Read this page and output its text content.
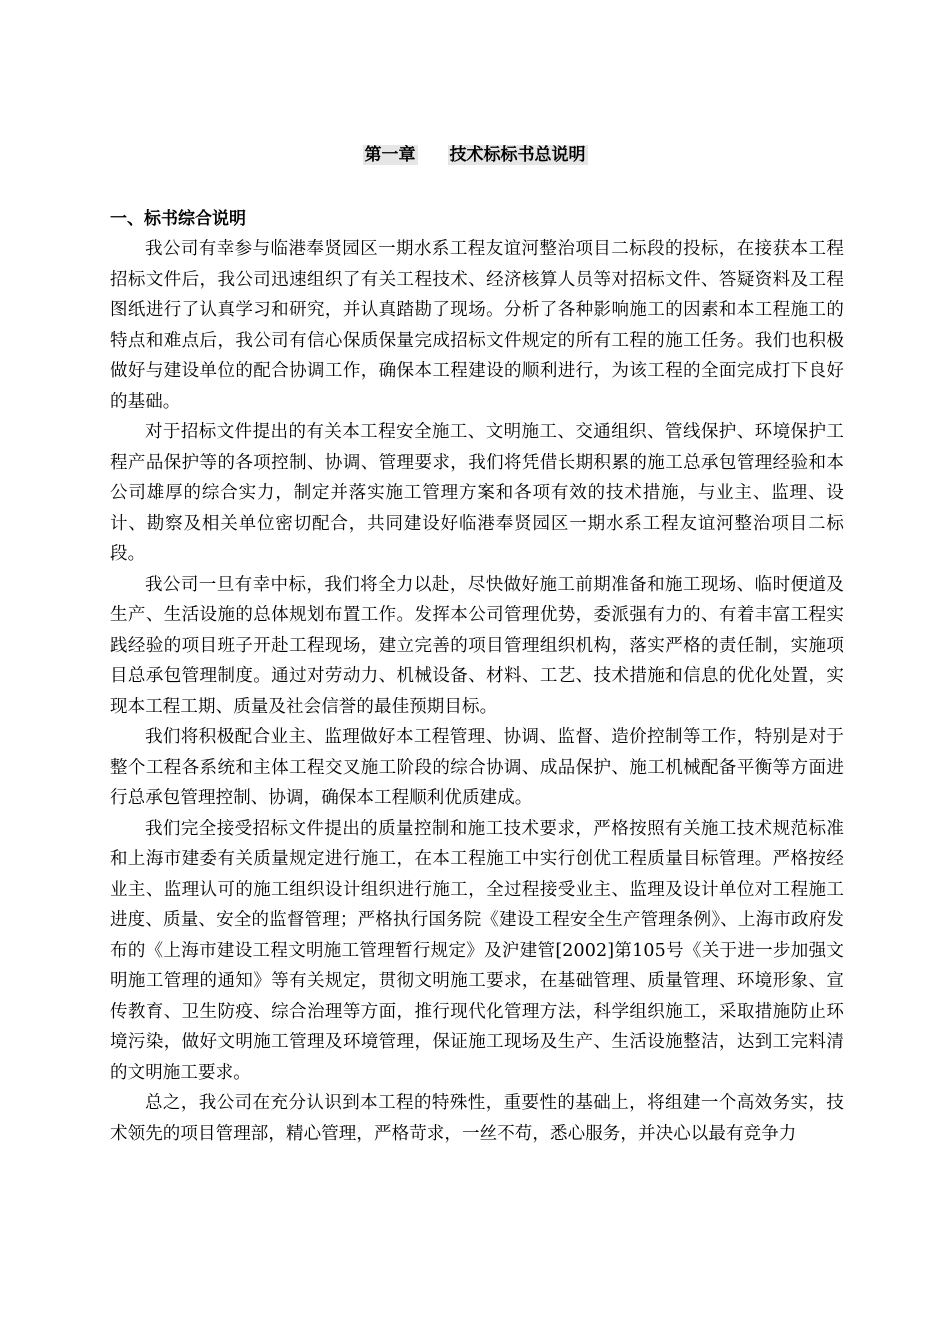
第一章 技术标标书总说明
一、标书综合说明

我公司有幸参与临港奉贤园区一期水系工程友谊河整治项目二标段的投标，在接获本工程招标文件后，我公司迅速组织了有关工程技术、经济核算人员等对招标文件、答疑资料及工程图纸进行了认真学习和研究，并认真踏勘了现场。分析了各种影响施工的因素和本工程施工的特点和难点后，我公司有信心保质保量完成招标文件规定的所有工程的施工任务。我们也积极做好与建设单位的配合协调工作，确保本工程建设的顺利进行，为该工程的全面完成打下良好的基础。

对于招标文件提出的有关本工程安全施工、文明施工、交通组织、管线保护、环境保护工程产品保护等的各项控制、协调、管理要求，我们将凭借长期积累的施工总承包管理经验和本公司雄厚的综合实力，制定并落实施工管理方案和各项有效的技术措施，与业主、监理、设计、勘察及相关单位密切配合，共同建设好临港奉贤园区一期水系工程友谊河整治项目二标段。

我公司一旦有幸中标，我们将全力以赴，尽快做好施工前期准备和施工现场、临时便道及生产、生活设施的总体规划布置工作。发挥本公司管理优势，委派强有力的、有着丰富工程实践经验的项目班子开赴工程现场，建立完善的项目管理组织机构，落实严格的责任制，实施项目总承包管理制度。通过对劳动力、机械设备、材料、工艺、技术措施和信息的优化处置，实现本工程工期、质量及社会信誉的最佳预期目标。

我们将积极配合业主、监理做好本工程管理、协调、监督、造价控制等工作，特别是对于整个工程各系统和主体工程交叉施工阶段的综合协调、成品保护、施工机械配备平衡等方面进行总承包管理控制、协调，确保本工程顺利优质建成。

我们完全接受招标文件提出的质量控制和施工技术要求，严格按照有关施工技术规范标准和上海市建委有关质量规定进行施工，在本工程施工中实行创优工程质量目标管理。严格按经业主、监理认可的施工组织设计组织进行施工，全过程接受业主、监理及设计单位对工程施工进度、质量、安全的监督管理；严格执行国务院《建设工程安全生产管理条例》、上海市政府发布的《上海市建设工程文明施工管理暂行规定》及沪建管[2002]第105号《关于进一步加强文明施工管理的通知》等有关规定，贯彻文明施工要求，在基础管理、质量管理、环境形象、宣传教育、卫生防疫、综合治理等方面，推行现代化管理方法，科学组织施工，采取措施防止环境污染，做好文明施工管理及环境管理，保证施工现场及生产、生活设施整洁，达到工完料清的文明施工要求。

总之，我公司在充分认识到本工程的特殊性，重要性的基础上，将组建一个高效务实，技术领先的项目管理部，精心管理，严格苛求，一丝不苟，悉心服务，并决心以最有竞争力
